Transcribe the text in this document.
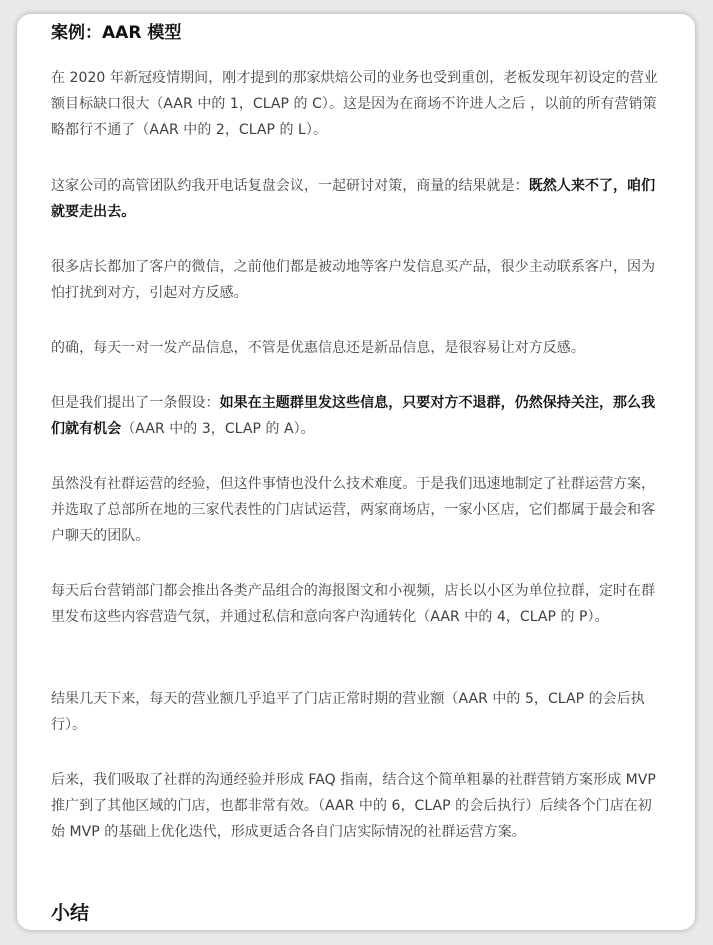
案例：AAR 模型

在 2020 年新冠疫情期间，刚才提到的那家烘焙公司的业务也受到重创，老板发现年初设定的营业额目标缺口很大（AAR 中的 1，CLAP 的 C）。这是因为在商场不许进人之后 ，以前的所有营销策略都行不通了（AAR 中的 2，CLAP 的 L）。

这家公司的高管团队约我开电话复盘会议，一起研讨对策，商量的结果就是：既然人来不了，咱们就要走出去。

很多店长都加了客户的微信，之前他们都是被动地等客户发信息买产品，很少主动联系客户，因为怕打扰到对方，引起对方反感。

的确，每天一对一发产品信息，不管是优惠信息还是新品信息，是很容易让对方反感。

但是我们提出了一条假设：如果在主题群里发这些信息，只要对方不退群，仍然保持关注，那么我们就有机会（AAR 中的 3，CLAP 的 A）。

虽然没有社群运营的经验，但这件事情也没什么技术难度。于是我们迅速地制定了社群运营方案，并选取了总部所在地的三家代表性的门店试运营，两家商场店，一家小区店，它们都属于最会和客户聊天的团队。

每天后台营销部门都会推出各类产品组合的海报图文和小视频，店长以小区为单位拉群，定时在群里发布这些内容营造气氛，并通过私信和意向客户沟通转化（AAR 中的 4，CLAP 的 P）。

结果几天下来，每天的营业额几乎追平了门店正常时期的营业额（AAR 中的 5，CLAP 的会后执行）。

后来，我们吸取了社群的沟通经验并形成 FAQ 指南，结合这个简单粗暴的社群营销方案形成 MVP 推广到了其他区域的门店，也都非常有效。（AAR 中的 6，CLAP 的会后执行）后续各个门店在初始 MVP 的基础上优化迭代，形成更适合各自门店实际情况的社群运营方案。

小结
